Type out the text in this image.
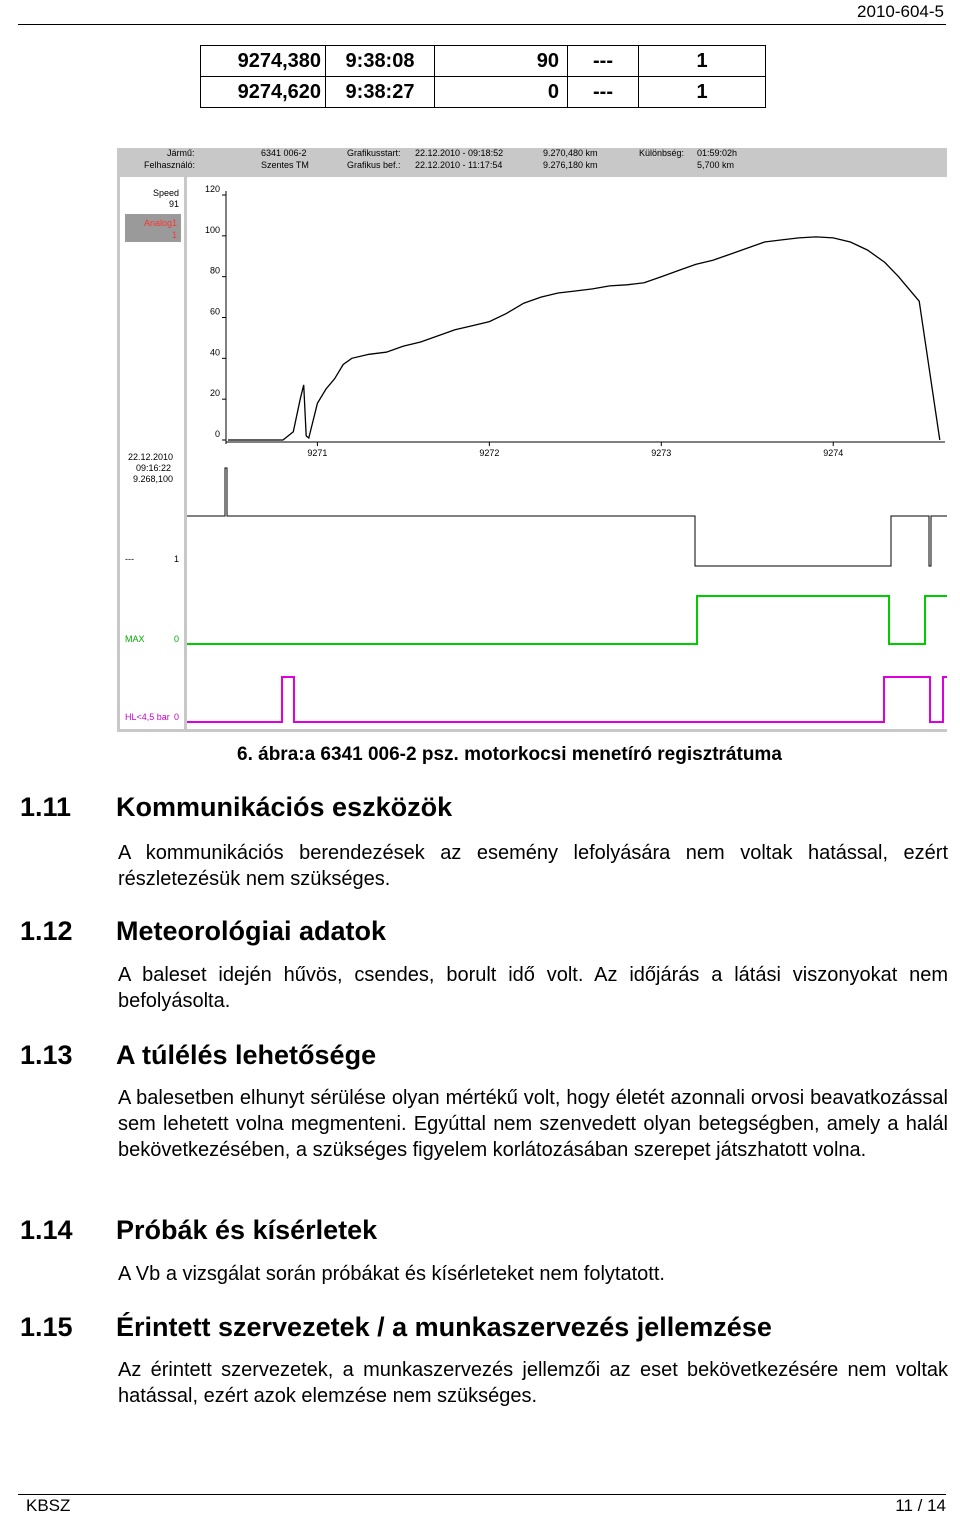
2010-604-5
9274,380	9:38:08	90	---	1
9274,620	9:38:27	0	---	1
Jármű:	6341 006-2
Felhasználó:	Szentes TM
Grafikusstart: 22.12.2010 - 09:18:52
Grafikus bef.: 22.12.2010 - 11:17:54
9.270,480 km
9.276,180 km
Különbség: 01:59:02h
5,700 km
Speed
91
Analog1
1
22.12.2010
09:16:22
9.268,100
---	1
MAX	0
HL<4,5 bar 0
0
20
40
60
80
100
120
9271	9272	9273	9274
6. ábra:a 6341 006-2 psz. motorkocsi menetíró regisztrátuma
1.11 Kommunikációs eszközök
A kommunikációs berendezések az esemény lefolyására nem voltak hatással, ezért részletezésük nem szükséges.
1.12 Meteorológiai adatok
A baleset idején hűvös, csendes, borult idő volt. Az időjárás a látási viszonyokat nem befolyásolta.
1.13 A túlélés lehetősége
A balesetben elhunyt sérülése olyan mértékű volt, hogy életét azonnali orvosi beavatkozással sem lehetett volna megmenteni. Egyúttal nem szenvedett olyan betegségben, amely a halál bekövetkezésében, a szükséges figyelem korlátozásában szerepet játszhatott volna.
1.14 Próbák és kísérletek
A Vb a vizsgálat során próbákat és kísérleteket nem folytatott.
1.15 Érintett szervezetek / a munkaszervezés jellemzése
Az érintett szervezetek, a munkaszervezés jellemzői az eset bekövetkezésére nem voltak hatással, ezért azok elemzése nem szükséges.
KBSZ	11 / 14
